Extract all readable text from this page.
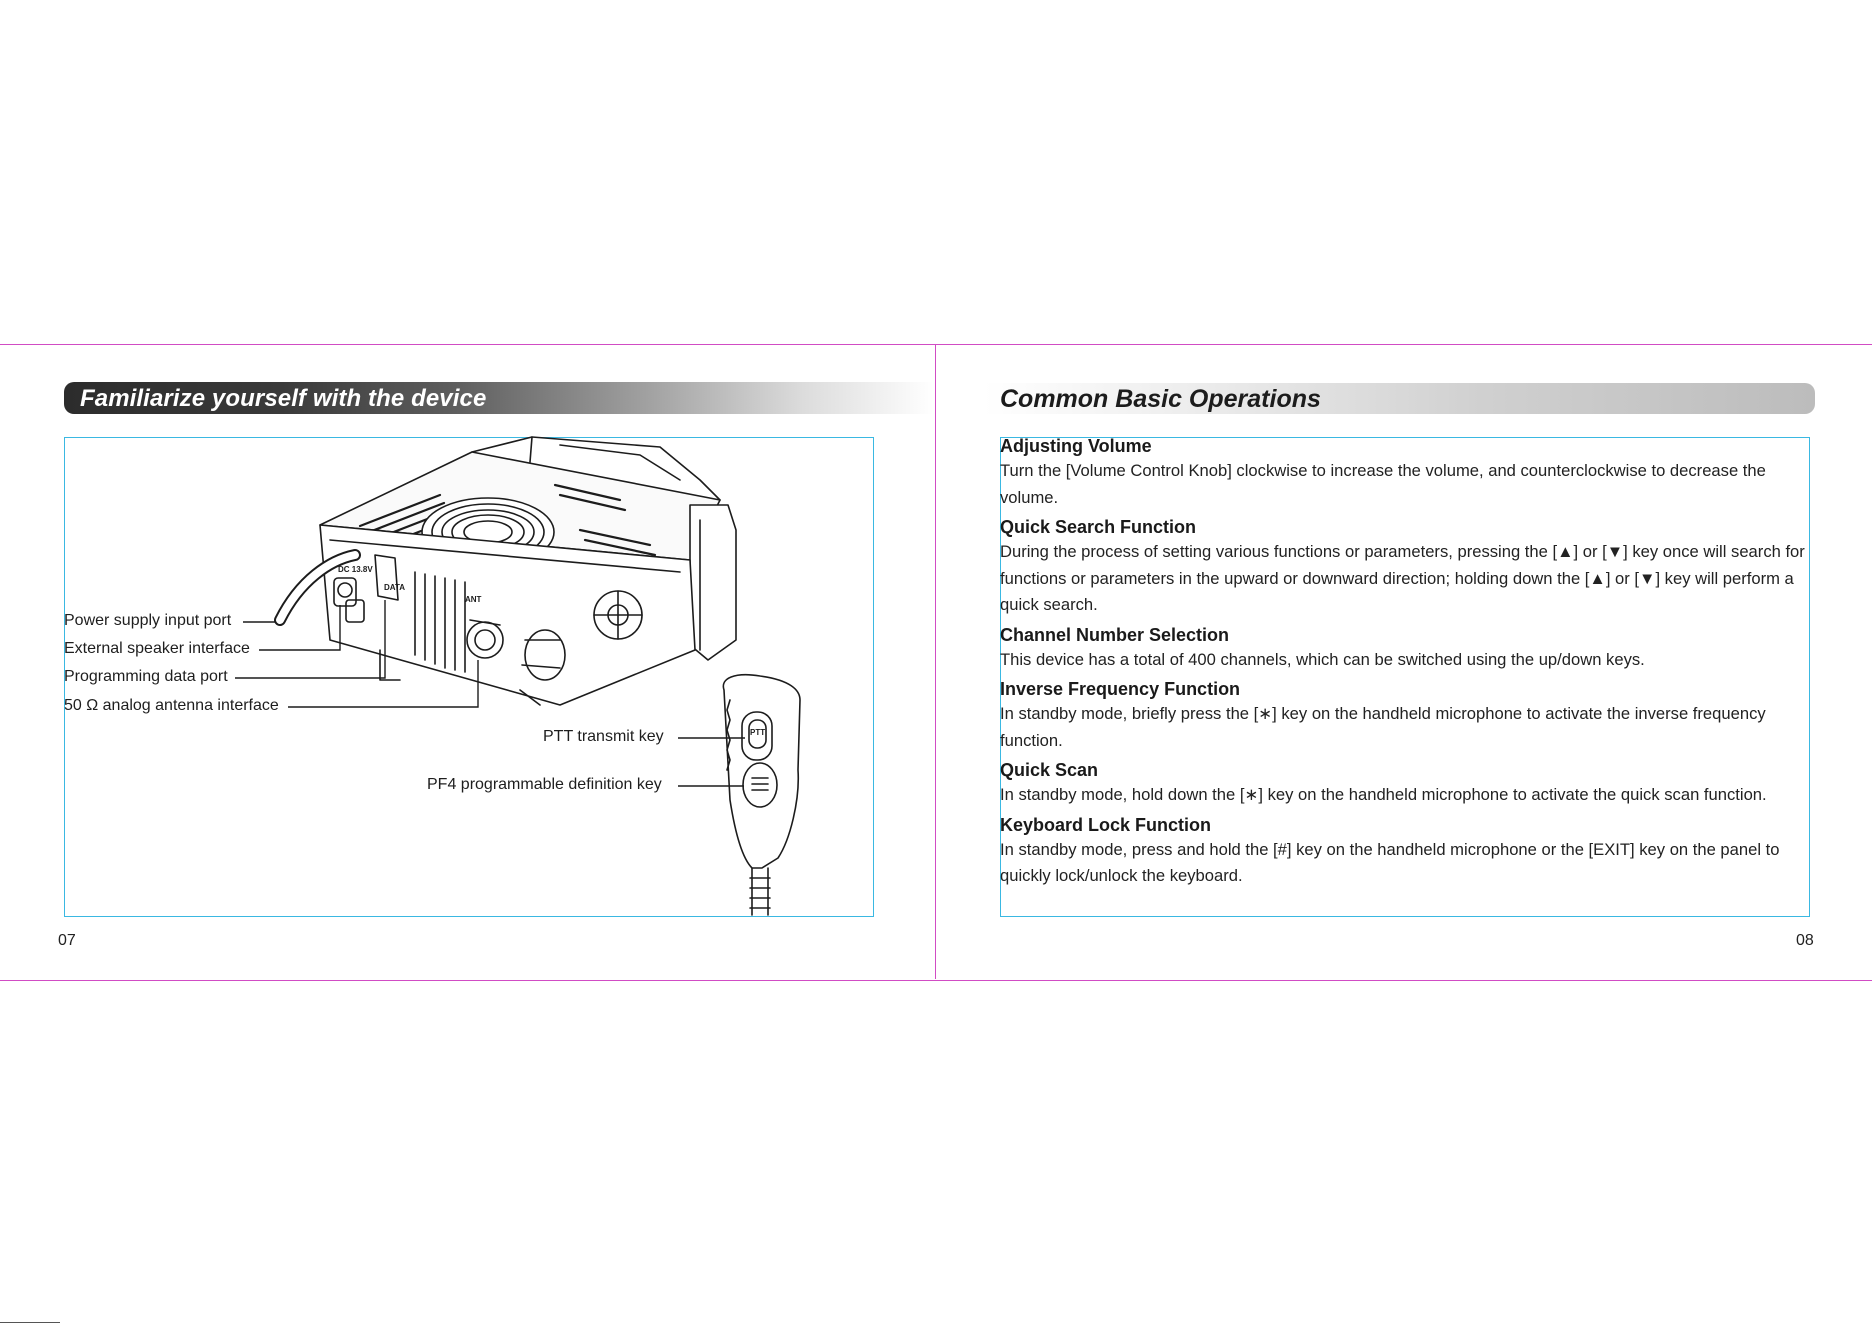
Familiarize yourself with the device
DC 13.8V
DATA
ANT
PTT
Power supply input port
External speaker interface
Programming data port
50 Ω analog antenna interface
PTT transmit key
PF4 programmable definition key
07
Common Basic Operations
Adjusting Volume
Turn the [Volume Control Knob] clockwise to increase the volume, and counterclockwise to decrease the volume.
Quick Search Function
During the process of setting various functions or parameters, pressing the [▲] or [▼] key once will search for functions or parameters in the upward or downward direction; holding down the [▲] or [▼] key will perform a quick search.
Channel Number Selection
This device has a total of 400 channels, which can be switched using the up/down keys.
Inverse Frequency Function
In standby mode, briefly press the [∗] key on the handheld microphone to activate the inverse frequency function.
Quick Scan
In standby mode, hold down the [∗] key on the handheld microphone to activate the quick scan function.
Keyboard Lock Function
In standby mode, press and hold the [#] key on the handheld microphone or the [EXIT] key on the panel to quickly lock/unlock the keyboard.
08
